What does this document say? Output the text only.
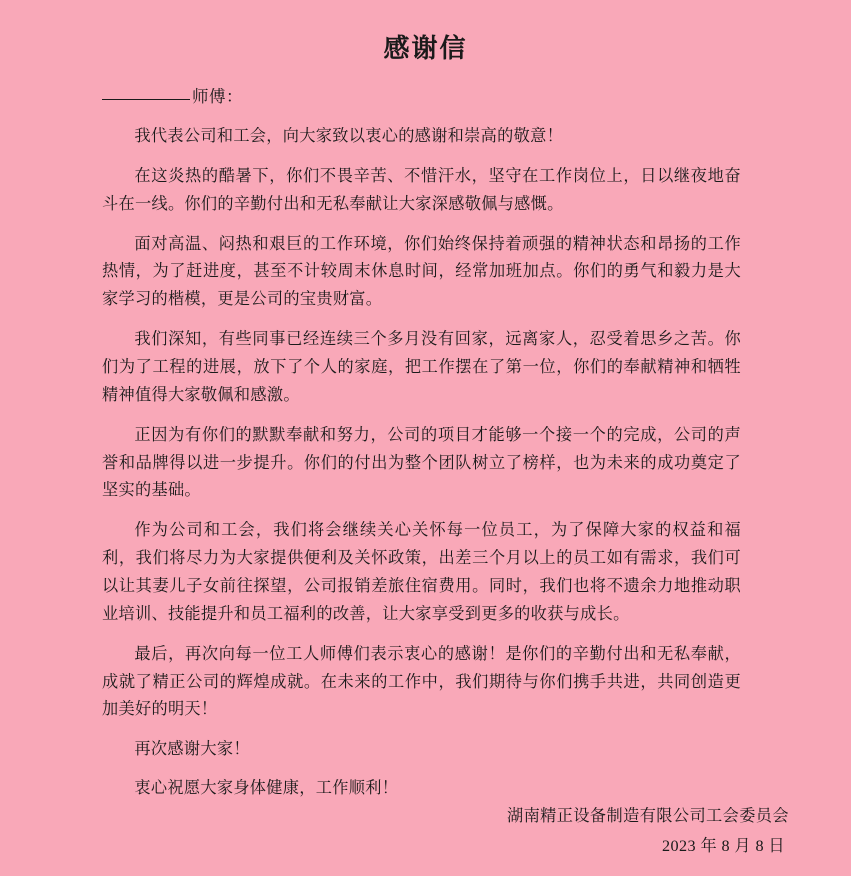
感谢信
师傅：

我代表公司和工会，向大家致以衷心的感谢和崇高的敬意！

在这炎热的酷暑下，你们不畏辛苦、不惜汗水，坚守在工作岗位上，日以继夜地奋斗在一线。你们的辛勤付出和无私奉献让大家深感敬佩与感慨。

面对高温、闷热和艰巨的工作环境，你们始终保持着顽强的精神状态和昂扬的工作热情，为了赶进度，甚至不计较周末休息时间，经常加班加点。你们的勇气和毅力是大家学习的楷模，更是公司的宝贵财富。

我们深知，有些同事已经连续三个多月没有回家，远离家人，忍受着思乡之苦。你们为了工程的进展，放下了个人的家庭，把工作摆在了第一位，你们的奉献精神和牺牲精神值得大家敬佩和感激。

正因为有你们的默默奉献和努力，公司的项目才能够一个接一个的完成，公司的声誉和品牌得以进一步提升。你们的付出为整个团队树立了榜样，也为未来的成功奠定了坚实的基础。

作为公司和工会，我们将会继续关心关怀每一位员工，为了保障大家的权益和福利，我们将尽力为大家提供便利及关怀政策，出差三个月以上的员工如有需求，我们可以让其妻儿子女前往探望，公司报销差旅住宿费用。同时，我们也将不遗余力地推动职业培训、技能提升和员工福利的改善，让大家享受到更多的收获与成长。

最后，再次向每一位工人师傅们表示衷心的感谢！是你们的辛勤付出和无私奉献，成就了精正公司的辉煌成就。在未来的工作中，我们期待与你们携手共进，共同创造更加美好的明天！

再次感谢大家！

衷心祝愿大家身体健康，工作顺利！

湖南精正设备制造有限公司工会委员会
2023 年 8 月 8 日
